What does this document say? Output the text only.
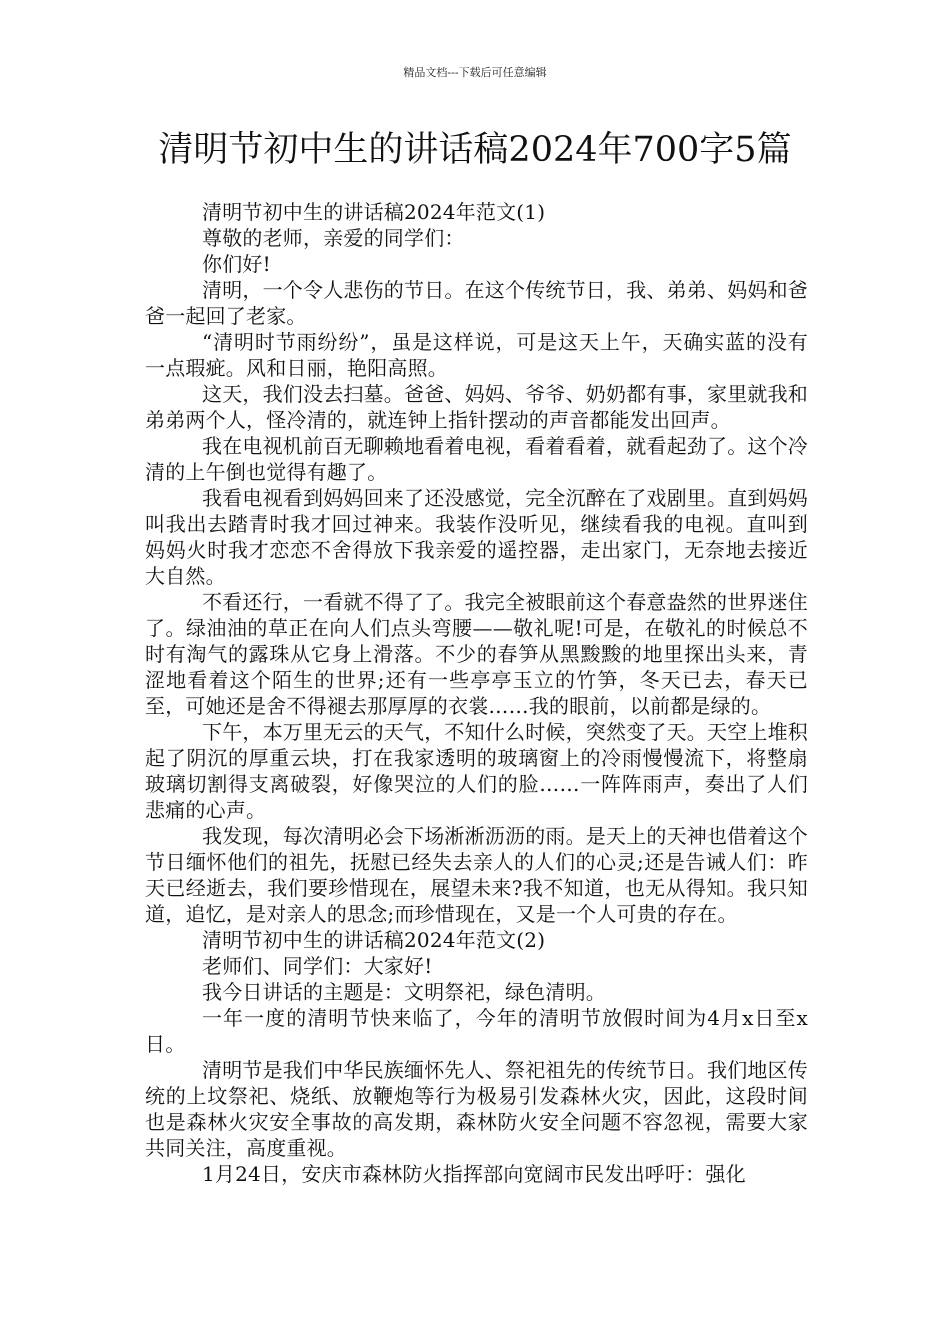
精品文档---下载后可任意编辑
清明节初中生的讲话稿2024年700字5篇

清明节初中生的讲话稿2024年范文(1)

尊敬的老师，亲爱的同学们：

你们好!

清明，一个令人悲伤的节日。在这个传统节日，我、弟弟、妈妈和爸爸一起回了老家。

“清明时节雨纷纷”，虽是这样说，可是这天上午，天确实蓝的没有一点瑕疵。风和日丽，艳阳高照。

这天，我们没去扫墓。爸爸、妈妈、爷爷、奶奶都有事，家里就我和弟弟两个人，怪冷清的，就连钟上指针摆动的声音都能发出回声。

我在电视机前百无聊赖地看着电视，看着看着，就看起劲了。这个冷清的上午倒也觉得有趣了。

我看电视看到妈妈回来了还没感觉，完全沉醉在了戏剧里。直到妈妈叫我出去踏青时我才回过神来。我装作没听见，继续看我的电视。直叫到妈妈火时我才恋恋不舍得放下我亲爱的遥控器，走出家门，无奈地去接近大自然。

不看还行，一看就不得了了。我完全被眼前这个春意盎然的世界迷住了。绿油油的草正在向人们点头弯腰——敬礼呢!可是，在敬礼的时候总不时有淘气的露珠从它身上滑落。不少的春笋从黑黢黢的地里探出头来，青涩地看着这个陌生的世界;还有一些亭亭玉立的竹笋，冬天已去，春天已至，可她还是舍不得褪去那厚厚的衣裳……我的眼前，以前都是绿的。

下午，本万里无云的天气，不知什么时候，突然变了天。天空上堆积起了阴沉的厚重云块，打在我家透明的玻璃窗上的冷雨慢慢流下，将整扇玻璃切割得支离破裂，好像哭泣的人们的脸……一阵阵雨声，奏出了人们悲痛的心声。

我发现，每次清明必会下场淅淅沥沥的雨。是天上的天神也借着这个节日缅怀他们的祖先，抚慰已经失去亲人的人们的心灵;还是告诫人们：昨天已经逝去，我们要珍惜现在，展望未来?我不知道，也无从得知。我只知道，追忆，是对亲人的思念;而珍惜现在，又是一个人可贵的存在。

清明节初中生的讲话稿2024年范文(2)

老师们、同学们：大家好!

我今日讲话的主题是：文明祭祀，绿色清明。

一年一度的清明节快来临了，今年的清明节放假时间为4月x日至x日。

清明节是我们中华民族缅怀先人、祭祀祖先的传统节日。我们地区传统的上坟祭祀、烧纸、放鞭炮等行为极易引发森林火灾，因此，这段时间也是森林火灾安全事故的高发期，森林防火安全问题不容忽视，需要大家共同关注，高度重视。

1月24日，安庆市森林防火指挥部向宽阔市民发出呼吁：强化
